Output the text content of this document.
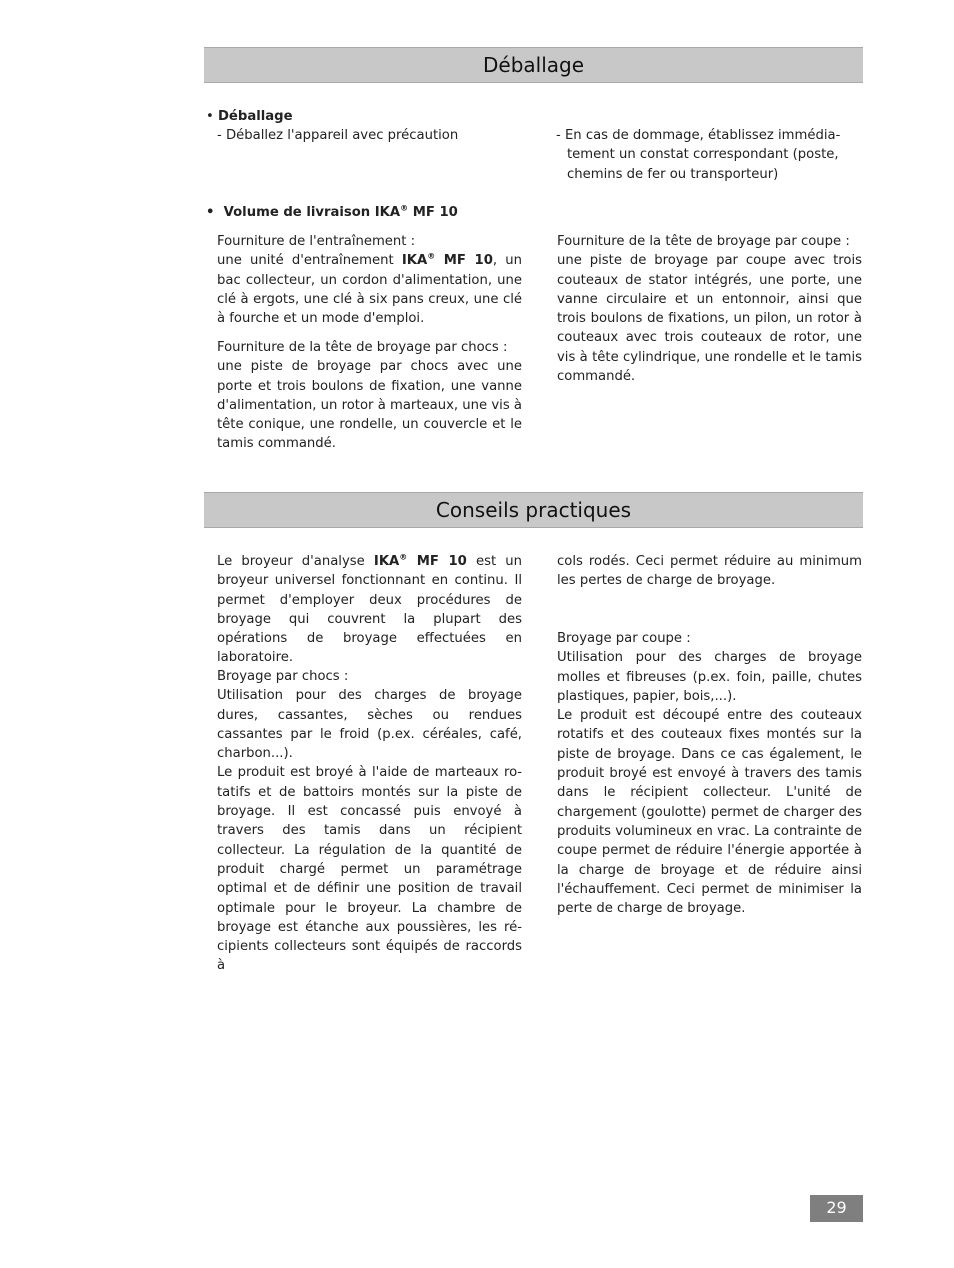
Déballage
• Déballage
- Déballez l'appareil avec précaution	- En cas de dommage, établissez immédia-
tement un constat correspondant (poste,
chemins de fer ou transporteur)
• Volume de livraison IKA® MF 10
Fourniture de l'entraînement :
une unité d'entraînement IKA® MF 10, un bac collecteur, un cordon d'alimentation, une clé à ergots, une clé à six pans creux, une clé à fourche et un mode d'emploi.
Fourniture de la tête de broyage par chocs :
une piste de broyage par chocs avec une porte et trois boulons de fixation, une vanne d'alimentation, un rotor à marteaux, une vis à tête conique, une rondelle, un couvercle et le tamis commandé.
Fourniture de la tête de broyage par coupe :
une piste de broyage par coupe avec trois couteaux de stator intégrés, une porte, une vanne circulaire et un entonnoir, ainsi que trois boulons de fixations, un pilon, un rotor à couteaux avec trois couteaux de rotor, une vis à tête cylindrique, une rondelle et le tamis commandé.
Conseils practiques
Le broyeur d'analyse IKA® MF 10 est un broyeur universel fonctionnant en continu. Il permet d'employer deux procédures de broyage qui couvrent la plupart des opérations de broyage effectuées en laboratoire.
Broyage par chocs :
Utilisation pour des charges de broyage dures, cassantes, sèches ou rendues cassantes par le froid (p.ex. céréales, café, charbon...).
Le produit est broyé à l'aide de marteaux rotatifs et de battoirs montés sur la piste de broyage. Il est concassé puis envoyé à travers des tamis dans un récipient collecteur. La régulation de la quantité de produit chargé permet un paramétrage optimal et de définir une position de travail optimale pour le broyeur. La chambre de broyage est étanche aux poussières, les récipients collecteurs sont équipés de raccords à
cols rodés. Ceci permet réduire au minimum les pertes de charge de broyage.
Broyage par coupe :
Utilisation pour des charges de broyage molles et fibreuses (p.ex. foin, paille, chutes plastiques, papier, bois,...).
Le produit est découpé entre des couteaux rotatifs et des couteaux fixes montés sur la piste de broyage. Dans ce cas également, le produit broyé est envoyé à travers des tamis dans le récipient collecteur. L'unité de chargement (goulotte) permet de charger des produits volumineux en vrac. La contrainte de coupe permet de réduire l'énergie apportée à la charge de broyage et de réduire ainsi l'échauffement. Ceci permet de minimiser la perte de charge de broyage.
29
